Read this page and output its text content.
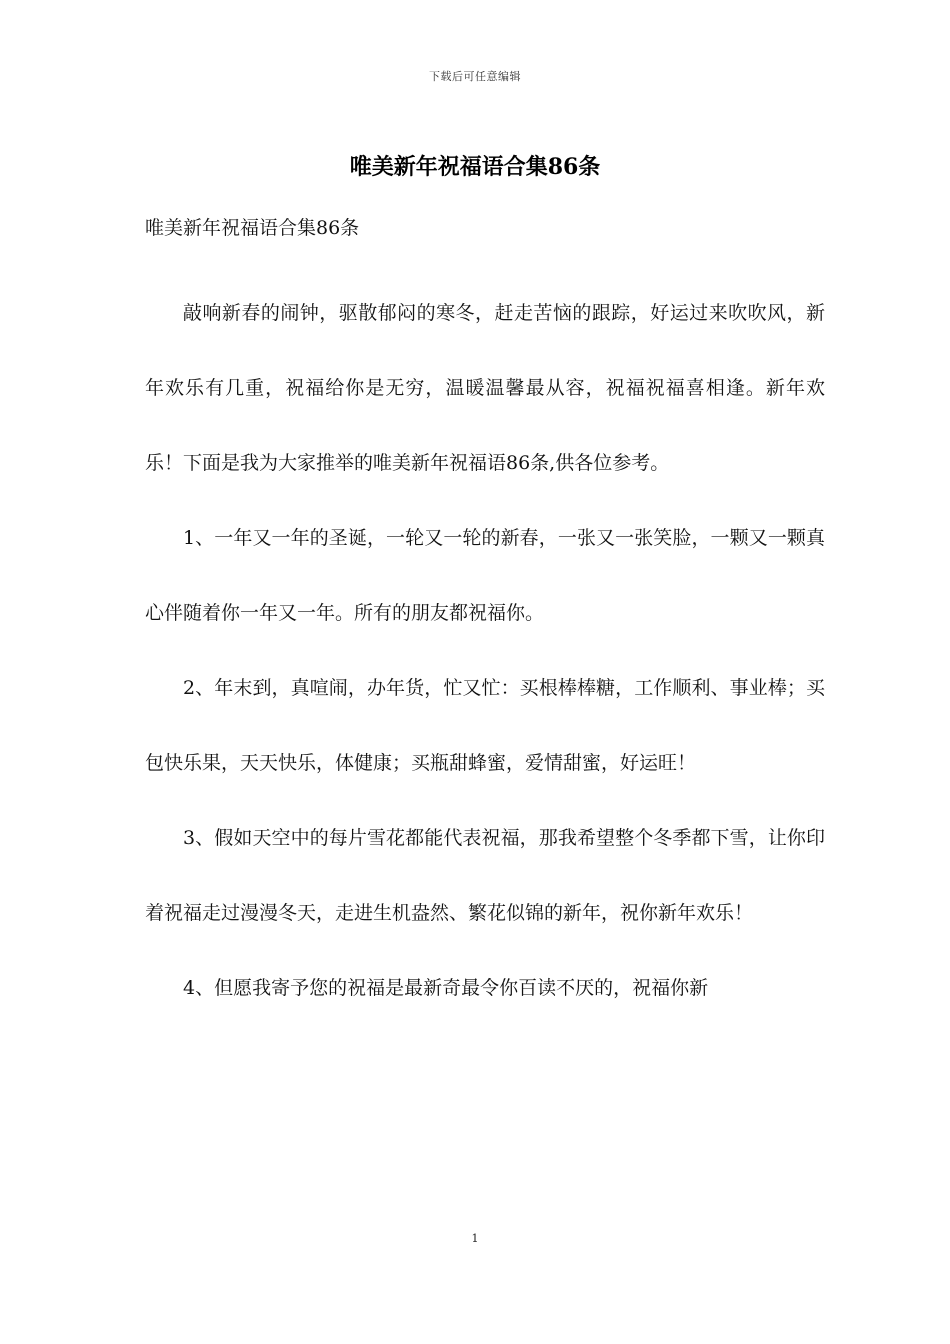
下载后可任意编辑
唯美新年祝福语合集86条
唯美新年祝福语合集86条

敲响新春的闹钟，驱散郁闷的寒冬，赶走苦恼的跟踪，好运过来吹吹风，新年欢乐有几重，祝福给你是无穷，温暖温馨最从容，祝福祝福喜相逢。新年欢乐！下面是我为大家推举的唯美新年祝福语86条,供各位参考。

1、一年又一年的圣诞，一轮又一轮的新春，一张又一张笑脸，一颗又一颗真心伴随着你一年又一年。所有的朋友都祝福你。

2、年末到，真喧闹，办年货，忙又忙：买根棒棒糖，工作顺利、事业棒；买包快乐果，天天快乐，体健康；买瓶甜蜂蜜，爱情甜蜜，好运旺！

3、假如天空中的每片雪花都能代表祝福，那我希望整个冬季都下雪，让你印着祝福走过漫漫冬天，走进生机盎然、繁花似锦的新年，祝你新年欢乐！

4、但愿我寄予您的祝福是最新奇最令你百读不厌的，祝福你新

1
